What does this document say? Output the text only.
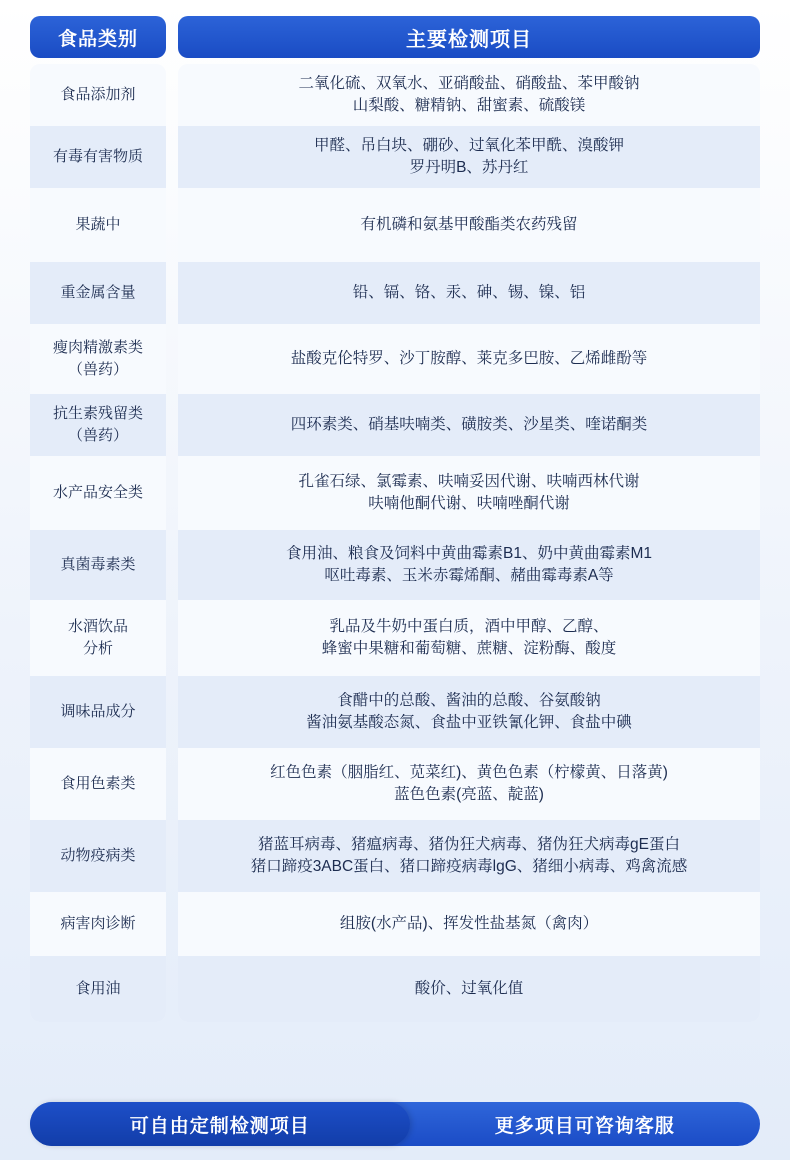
食品类别
食品添加剂
有毒有害物质
果蔬中
重金属含量
瘦肉精激素类
（兽药）
抗生素残留类
（兽药）
水产品安全类
真菌毒素类
水酒饮品
分析
调味品成分
食用色素类
动物疫病类
病害肉诊断
食用油
主要检测项目
二氧化硫、双氧水、亚硝酸盐、硝酸盐、苯甲酸钠
山梨酸、糖精钠、甜蜜素、硫酸镁
甲醛、吊白块、硼砂、过氧化苯甲酰、溴酸钾
罗丹明B、苏丹红
有机磷和氨基甲酸酯类农药残留
铅、镉、铬、汞、砷、锡、镍、铝
盐酸克伦特罗、沙丁胺醇、莱克多巴胺、乙烯雌酚等
四环素类、硝基呋喃类、磺胺类、沙星类、喹诺酮类
孔雀石绿、氯霉素、呋喃妥因代谢、呋喃西林代谢
呋喃他酮代谢、呋喃唑酮代谢
食用油、粮食及饲料中黄曲霉素B1、奶中黄曲霉素M1
呕吐毒素、玉米赤霉烯酮、赭曲霉毒素A等
乳品及牛奶中蛋白质，酒中甲醇、乙醇、
蜂蜜中果糖和葡萄糖、蔗糖、淀粉酶、酸度
食醋中的总酸、酱油的总酸、谷氨酸钠
酱油氨基酸态氮、食盐中亚铁氰化钾、食盐中碘
红色色素（胭脂红、苋菜红)、黄色色素（柠檬黄、日落黄)
蓝色色素(亮蓝、靛蓝)
猪蓝耳病毒、猪瘟病毒、猪伪狂犬病毒、猪伪狂犬病毒gE蛋白
猪口蹄疫3ABC蛋白、猪口蹄疫病毒lgG、猪细小病毒、鸡禽流感
组胺(水产品)、挥发性盐基氮（禽肉）
酸价、过氧化值
可自由定制检测项目	更多项目可咨询客服
